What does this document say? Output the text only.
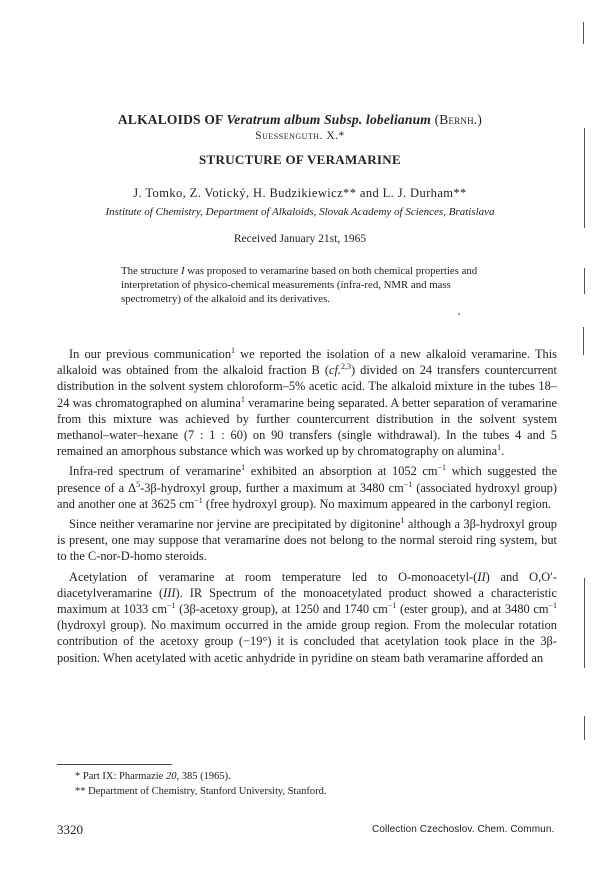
ALKALOIDS OF Veratrum album Subsp. lobelianum (Bernh.)
Suessenguth. X.*
STRUCTURE OF VERAMARINE
J. Tomko, Z. Votický, H. Budzikiewicz** and L. J. Durham**
Institute of Chemistry, Department of Alkaloids, Slovak Academy of Sciences, Bratislava
Received January 21st, 1965

The structure I was proposed to veramarine based on both chemical properties and interpretation of physico-chemical measurements (infra-red, NMR and mass spectrometry) of the alkaloid and its derivatives.

In our previous communication$^1$ we reported the isolation of a new alkaloid veramarine. This alkaloid was obtained from the alkaloid fraction B (cf.$^{2,3}$) divided on 24 transfers countercurrent distribution in the solvent system chloroform–5% acetic acid. The alkaloid mixture in the tubes 18–24 was chromatographed on alumina$^1$ veramarine being separated. A better separation of veramarine from this mixture was achieved by further countercurrent distribution in the solvent system methanol–water–hexane (7 : 1 : 60) on 90 transfers (single withdrawal). In the tubes 4 and 5 remained an amorphous substance which was worked up by chromatography on alumina$^1$.

Infra-red spectrum of veramarine$^1$ exhibited an absorption at 1052 $cm^{-1}$ which suggested the presence of a $\Delta^5-3\beta$-hydroxyl group, further a maximum at 3480 $cm^{-1}$ (associated hydroxyl group) and another one at 3625 $cm^{-1}$ (free hydroxyl group). No maximum appeared in the carbonyl region.

Since neither veramarine nor jervine are precipitated by digitonine$^1$ although a 3β-hydroxyl group is present, one may suppose that veramarine does not belong to the normal steroid ring system, but to the C-nor-D-homo steroids.

Acetylation of veramarine at room temperature led to O-monoacetyl-(II) and O,O′-diacetylveramarine (III). IR Spectrum of the monoacetylated product showed a characteristic maximum at 1033 $cm^{-1}$ (3β-acetoxy group), at 1250 and 1740 $cm^{-1}$ (ester group), and at 3480 $cm^{-1}$ (hydroxyl group). No maximum occurred in the amide group region. From the molecular rotation contribution of the acetoxy group (−19°) it is concluded that acetylation took place in the 3β-position. When acetylated with acetic anhydride in pyridine on steam bath veramarine afforded an

* Part IX: Pharmazie 20, 385 (1965).
** Department of Chemistry, Stanford University, Stanford.
3320	Collection Czechoslov. Chem. Commun.
